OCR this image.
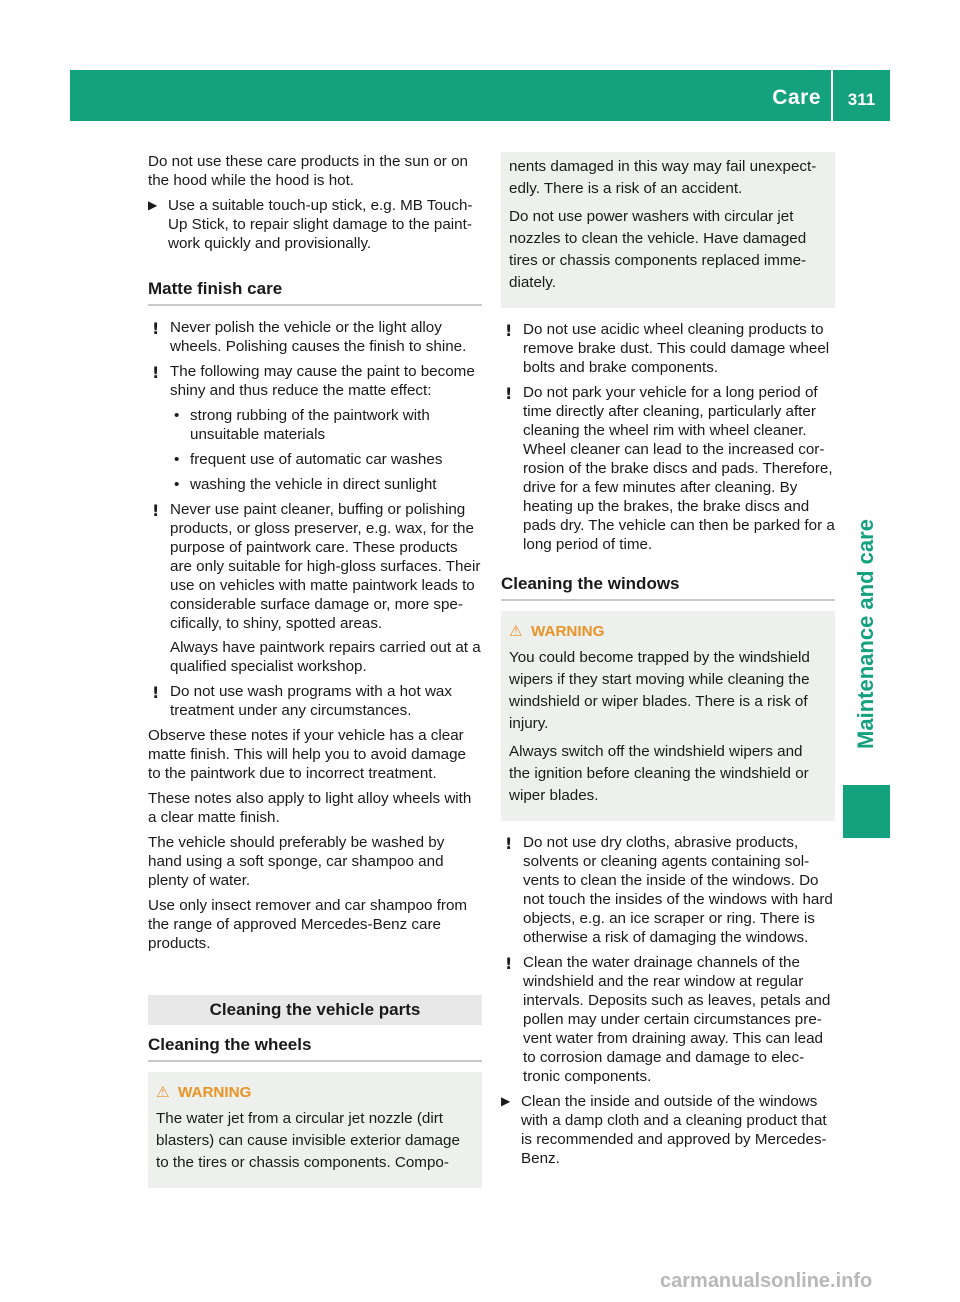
Care	311
Maintenance and care

Do not use these care products in the sun or on the hood while the hood is hot.

▶ Use a suitable touch-up stick, e.g. MB Touch-Up Stick, to repair slight damage to the paint-work quickly and provisionally.
Matte finish care
! Never polish the vehicle or the light alloy wheels. Polishing causes the finish to shine.
! The following may cause the paint to become shiny and thus reduce the matte effect:
• strong rubbing of the paintwork with unsuitable materials
• frequent use of automatic car washes
• washing the vehicle in direct sunlight
! Never use paint cleaner, buffing or polishing products, or gloss preserver, e.g. wax, for the purpose of paintwork care. These products are only suitable for high-gloss surfaces. Their use on vehicles with matte paintwork leads to considerable surface damage or, more spe-cifically, to shiny, spotted areas.
Always have paintwork repairs carried out at a qualified specialist workshop.
! Do not use wash programs with a hot wax treatment under any circumstances.

Observe these notes if your vehicle has a clear matte finish. This will help you to avoid damage to the paintwork due to incorrect treatment.

These notes also apply to light alloy wheels with a clear matte finish.

The vehicle should preferably be washed by hand using a soft sponge, car shampoo and plenty of water.

Use only insect remover and car shampoo from the range of approved Mercedes-Benz care products.

Cleaning the vehicle parts
Cleaning the wheels
⚠ WARNING

The water jet from a circular jet nozzle (dirt blasters) can cause invisible exterior damage to the tires or chassis components. Compo-

nents damaged in this way may fail unexpect-edly. There is a risk of an accident.

Do not use power washers with circular jet nozzles to clean the vehicle. Have damaged tires or chassis components replaced imme-diately.

! Do not use acidic wheel cleaning products to remove brake dust. This could damage wheel bolts and brake components.
! Do not park your vehicle for a long period of time directly after cleaning, particularly after cleaning the wheel rim with wheel cleaner. Wheel cleaner can lead to the increased cor-rosion of the brake discs and pads. Therefore, drive for a few minutes after cleaning. By heating up the brakes, the brake discs and pads dry. The vehicle can then be parked for a long period of time.
Cleaning the windows
⚠ WARNING

You could become trapped by the windshield wipers if they start moving while cleaning the windshield or wiper blades. There is a risk of injury.

Always switch off the windshield wipers and the ignition before cleaning the windshield or wiper blades.

! Do not use dry cloths, abrasive products, solvents or cleaning agents containing sol-vents to clean the inside of the windows. Do not touch the insides of the windows with hard objects, e.g. an ice scraper or ring. There is otherwise a risk of damaging the windows.
! Clean the water drainage channels of the windshield and the rear window at regular intervals. Deposits such as leaves, petals and pollen may under certain circumstances pre-vent water from draining away. This can lead to corrosion damage and damage to elec-tronic components.
▶ Clean the inside and outside of the windows with a damp cloth and a cleaning product that is recommended and approved by Mercedes-Benz.
carmanualsonline.info
